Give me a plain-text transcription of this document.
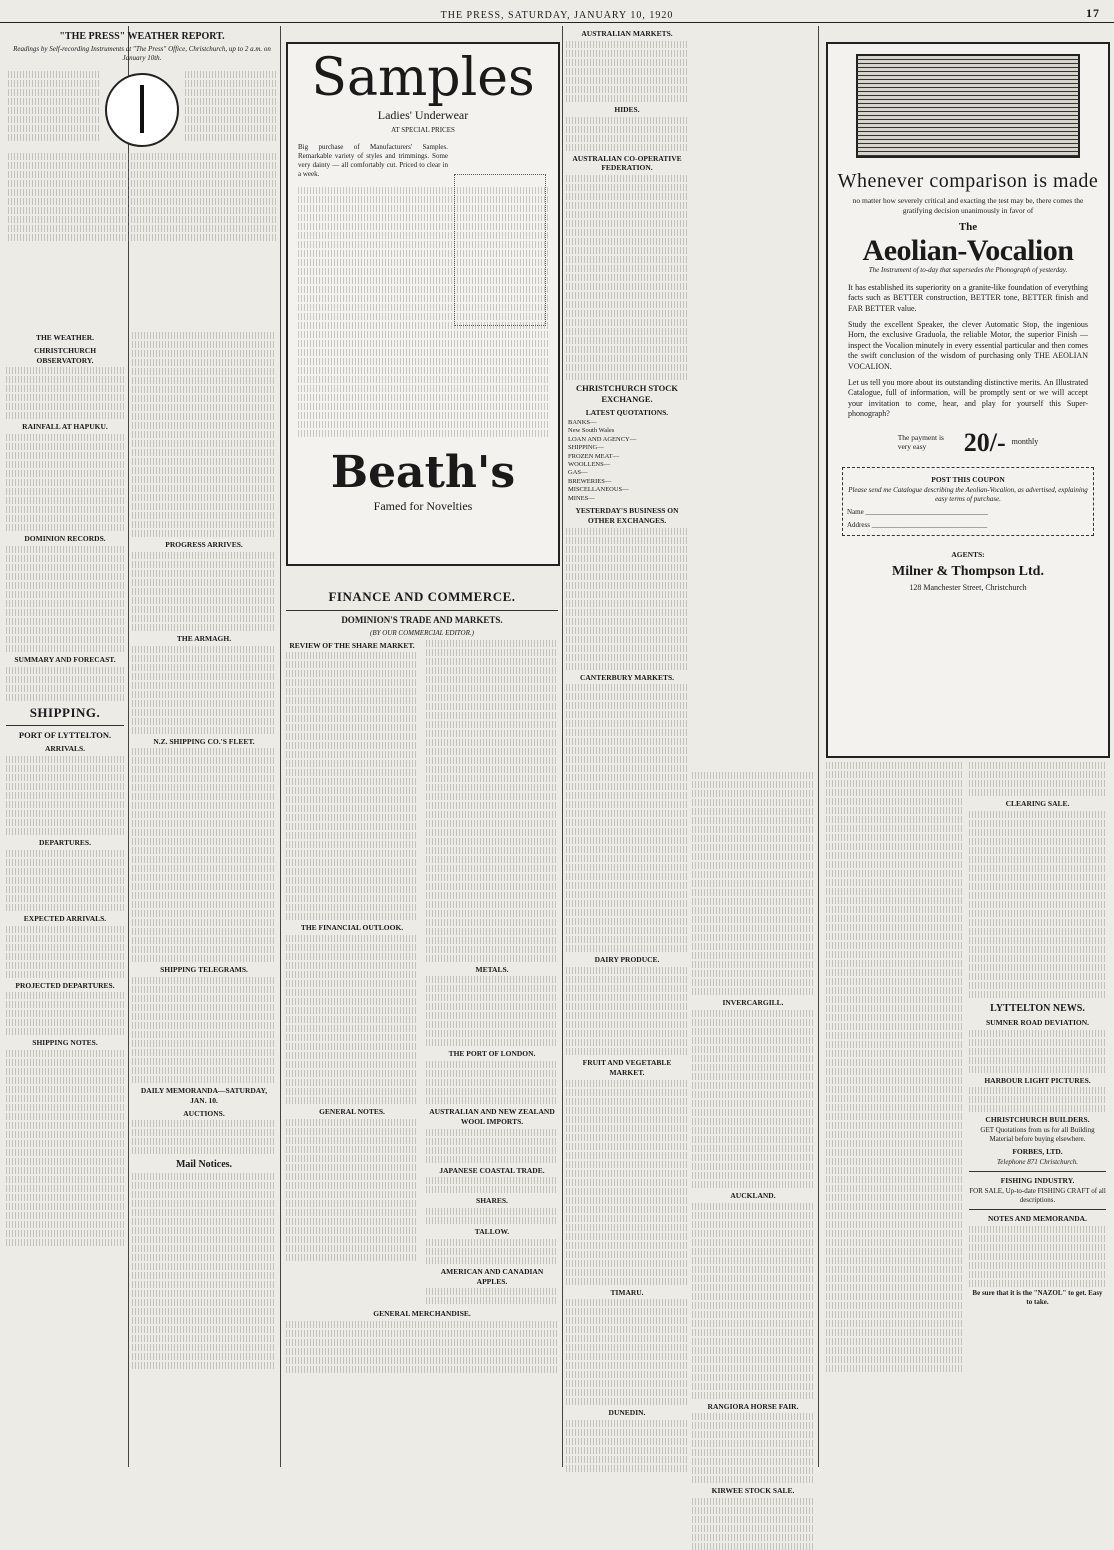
THE PRESS, SATURDAY, JANUARY 10, 1920	17
"THE PRESS" WEATHER REPORT.
Readings by Self-recording Instruments at "The Press" Office, Christchurch, up to 2 a.m. on January 10th.
THE WEATHER.
CHRISTCHURCH OBSERVATORY.
RAINFALL AT HAPUKU.
DOMINION RECORDS.
SUMMARY AND FORECAST.
SHIPPING.
PORT OF LYTTELTON.
ARRIVALS.
DEPARTURES.
EXPECTED ARRIVALS.
PROJECTED DEPARTURES.
SHIPPING NOTES.
PROGRESS ARRIVES.
THE ARMAGH.
N.Z. SHIPPING CO.'S FLEET.
SHIPPING TELEGRAMS.
DAILY MEMORANDA—SATURDAY, JAN. 10.
AUCTIONS.
Mail Notices.
Samples
Ladies' Underwear
AT SPECIAL PRICES
Big purchase of Manufacturers' Samples. Remarkable variety of styles and trimmings. Some very dainty — all comfortably cut. Priced to clear in a week.
Beath's
Famed for Novelties
FINANCE AND COMMERCE.
DOMINION'S TRADE AND MARKETS.
(BY OUR COMMERCIAL EDITOR.)
REVIEW OF THE SHARE MARKET.
THE FINANCIAL OUTLOOK.
GENERAL NOTES.
METALS.
THE PORT OF LONDON.
AUSTRALIAN AND NEW ZEALAND WOOL IMPORTS.
JAPANESE COASTAL TRADE.
SHARES.
TALLOW.
AMERICAN AND CANADIAN APPLES.
GENERAL MERCHANDISE.
AUSTRALIAN MARKETS.
HIDES.
AUSTRALIAN CO-OPERATIVE FEDERATION.
CHRISTCHURCH STOCK EXCHANGE.
LATEST QUOTATIONS.
BANKS—		
New South Wales		
LOAN AND AGENCY—		
SHIPPING—		
FROZEN MEAT—		
WOOLLENS—		
GAS—		
BREWERIES—		
MISCELLANEOUS—		
MINES—		
YESTERDAY'S BUSINESS ON OTHER EXCHANGES.
CANTERBURY MARKETS.
DAIRY PRODUCE.
FRUIT AND VEGETABLE MARKET.
TIMARU.
DUNEDIN.
INVERCARGILL.
AUCKLAND.
RANGIORA HORSE FAIR.
KIRWEE STOCK SALE.
Whenever comparison is made
no matter how severely critical and exacting the test may be, there comes the gratifying decision unanimously in favor of
The
Aeolian-Vocalion
The Instrument of to-day that supersedes the Phonograph of yesterday.
It has established its superiority on a granite-like foundation of everything facts such as BETTER construction, BETTER tone, BETTER finish and FAR BETTER value.
Study the excellent Speaker, the clever Automatic Stop, the ingenious Horn, the exclusive Graduola, the reliable Motor, the superior Finish — inspect the Vocalion minutely in every essential particular and then comes the swift conclusion of the wisdom of purchasing only THE AEOLIAN VOCALION.
Let us tell you more about its outstanding distinctive merits. An Illustrated Catalogue, full of information, will be promptly sent or we will accept your invitation to come, hear, and play for yourself this Super-phonograph?
The payment is very easy	20/- monthly
POST THIS COUPON
Please send me Catalogue describing the Aeolian-Vocalion, as advertised, explaining easy terms of purchase.
Name ___________________________________
Address _________________________________
AGENTS:
Milner & Thompson Ltd.
128 Manchester Street, Christchurch
CLEARING SALE.
LYTTELTON NEWS.
SUMNER ROAD DEVIATION.
HARBOUR LIGHT PICTURES.
CHRISTCHURCH BUILDERS.
GET Quotations from us for all Building Material before buying elsewhere.
FORBES, LTD.
Telephone 871 Christchurch.
FISHING INDUSTRY.
FOR SALE, Up-to-date FISHING CRAFT of all descriptions.
NOTES AND MEMORANDA.
Be sure that it is the "NAZOL" to get. Easy to take.
